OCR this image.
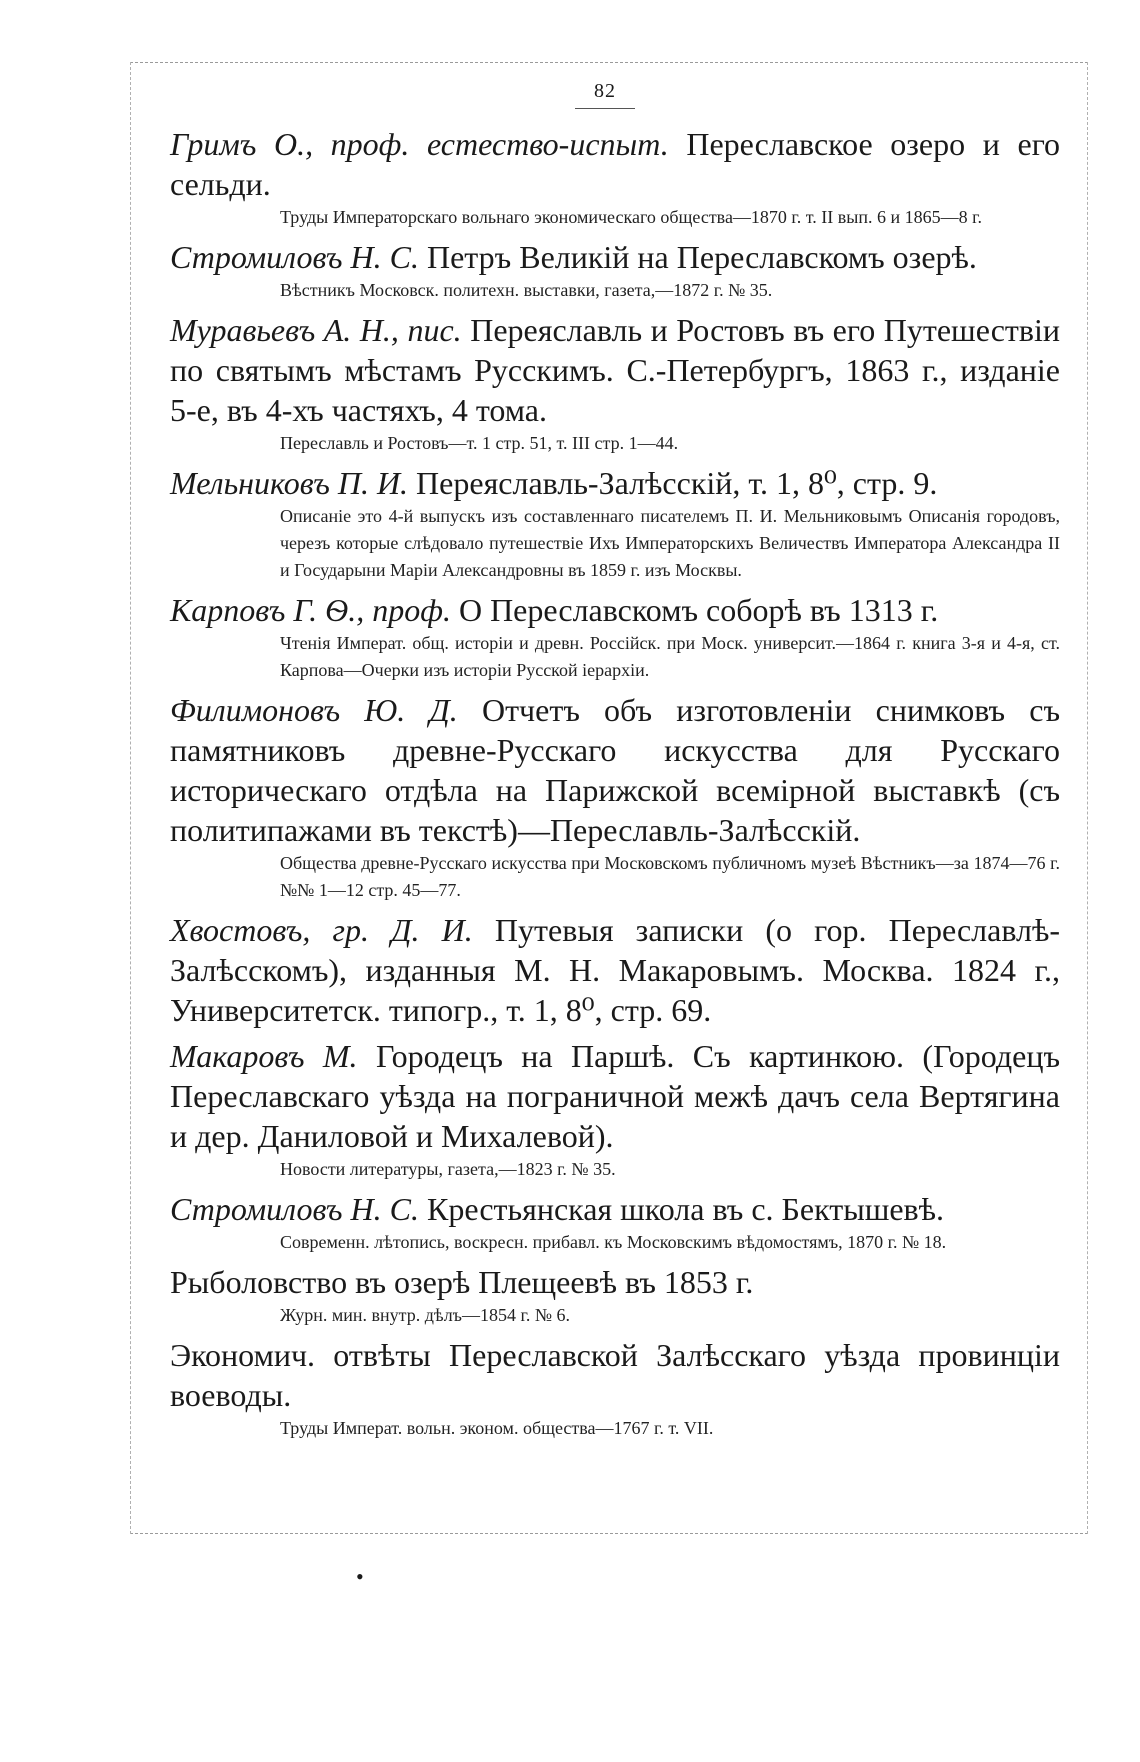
82
Гримъ О., проф. естество-испыт. Переславское озеро и его сельди.
Труды Императорскаго вольнаго экономическаго общества—1870 г. т. II вып. 6 и 1865—8 г.
Стромиловъ Н. С. Петръ Великій на Переславскомъ озерѣ.
Вѣстникъ Московск. политехн. выставки, газета,—1872 г. № 35.
Муравьевъ А. Н., пис. Переяславль и Ростовъ въ его Путешествіи по святымъ мѣстамъ Русскимъ. С.-Петербургъ, 1863 г., изданіе 5-е, въ 4-хъ частяхъ, 4 тома.
Переславль и Ростовъ—т. 1 стр. 51, т. III стр. 1—44.
Мельниковъ П. И. Переяславль-Залѣсскій, т. 1, 8⁰, стр. 9.
Описаніе это 4-й выпускъ изъ составленнаго писателемъ П. И. Мельниковымъ Описанія городовъ, черезъ которые слѣдовало путешествіе Ихъ Императорскихъ Величествъ Императора Александра II и Государыни Маріи Александровны въ 1859 г. изъ Москвы.
Карповъ Г. Ѳ., проф. О Переславскомъ соборѣ въ 1313 г.
Чтенія Императ. общ. исторіи и древн. Россійск. при Моск. университ.—1864 г. книга 3-я и 4-я, ст. Карпова—Очерки изъ исторіи Русской іерархіи.
Филимоновъ Ю. Д. Отчетъ объ изготовленіи снимковъ съ памятниковъ древне-Русскаго искусства для Русскаго историческаго отдѣла на Парижской всемірной выставкѣ (съ политипажами въ текстѣ)—Переславль-Залѣсскій.
Общества древне-Русскаго искусства при Московскомъ публичномъ музеѣ Вѣстникъ—за 1874—76 г. №№ 1—12 стр. 45—77.
Хвостовъ, гр. Д. И. Путевыя записки (о гор. Переславлѣ-Залѣсскомъ), изданныя М. Н. Макаровымъ. Москва. 1824 г., Университетск. типогр., т. 1, 8⁰, стр. 69.
Макаровъ М. Городецъ на Паршѣ. Съ картинкою. (Городецъ Переславскаго уѣзда на пограничной межѣ дачъ села Вертягина и дер. Даниловой и Михалевой).
Новости литературы, газета,—1823 г. № 35.
Стромиловъ Н. С. Крестьянская школа въ с. Бектышевѣ.
Современн. лѣтопись, воскресн. прибавл. къ Московскимъ вѣдомостямъ, 1870 г. № 18.
Рыболовство въ озерѣ Плещеевѣ въ 1853 г.
Журн. мин. внутр. дѣлъ—1854 г. № 6.
Экономич. отвѣты Переславской Залѣсскаго уѣзда провинціи воеводы.
Труды Императ. вольн. эконом. общества—1767 г. т. VII.
•
